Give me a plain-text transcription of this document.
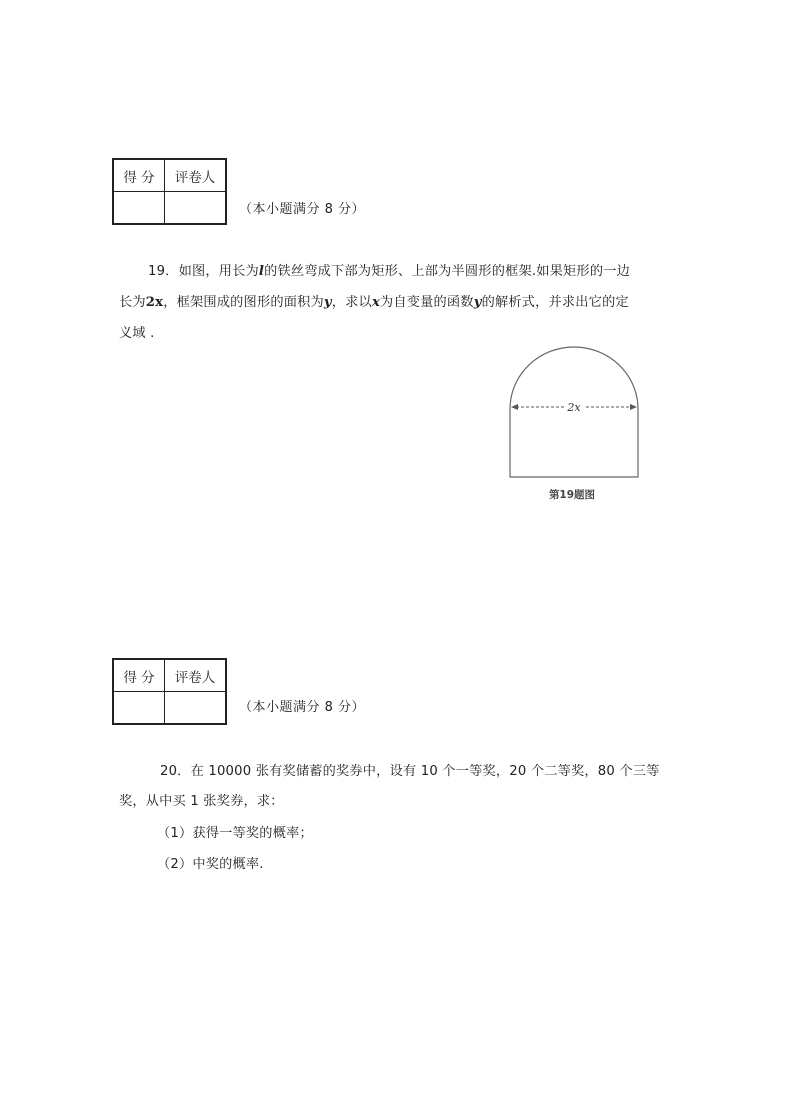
得 分	评卷人

（本小题满分 8 分）
19．如图，用长为l的铁丝弯成下部为矩形、上部为半圆形的框架.如果矩形的一边
长为2x，框架围成的图形的面积为y，求以x为自变量的函数y的解析式，并求出它的定
义域 .
2x
第19题图
得 分	评卷人

（本小题满分 8 分）
20．在 10000 张有奖储蓄的奖券中，设有 10 个一等奖，20 个二等奖，80 个三等
奖，从中买 1 张奖券，求：
（1）获得一等奖的概率；
（2）中奖的概率.
